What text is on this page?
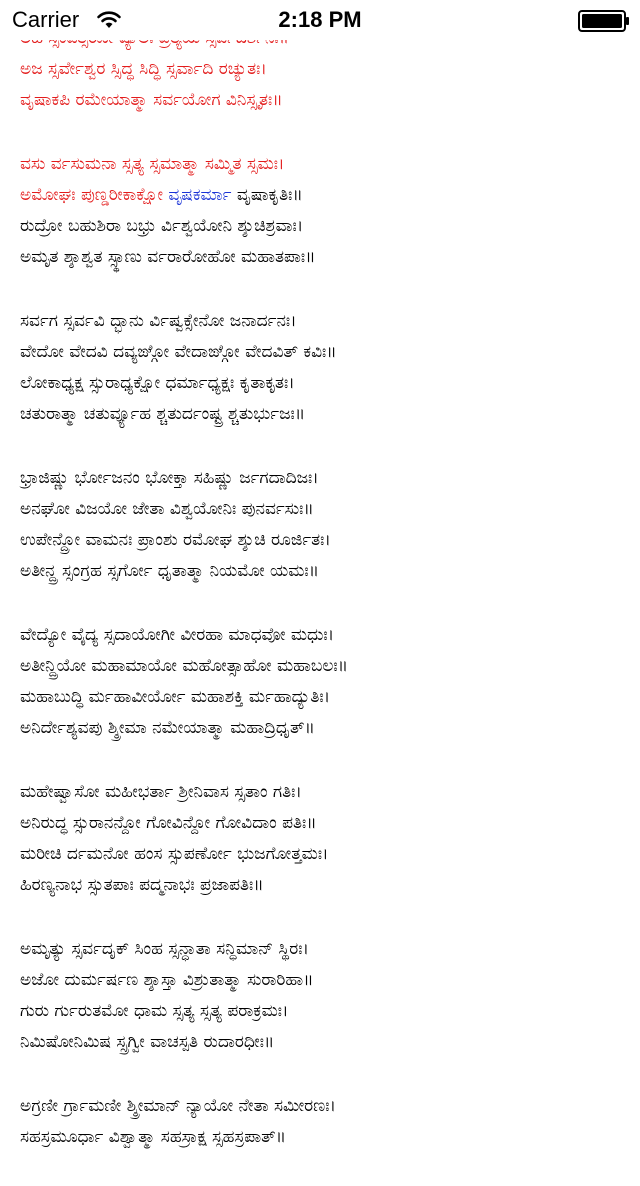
ಅಜ ಸ್ಸರ್ವೇಶ್ವರ ಸ್ಸಿದ್ಧ ಸಿದ್ಧಿ ಸ್ಸರ್ವಾದಿ ರಚ್ಯುತಃ।
ವೃಷಾಕಪಿ ರಮೇಯಾತ್ಮಾ ಸರ್ವಯೋಗ ವಿನಿಸ್ಸೃತಃ॥
ವಸು ರ್ವಸುಮನಾ ಸ್ಸತ್ಯ ಸ್ಸಮಾತ್ಮಾ ಸಮ್ಮಿತ ಸ್ಸಮಃ।
ಅಮೋಘಃ ಪುಣ್ಡರೀಕಾಕ್ಷೋ ವೃಷಕರ್ಮಾ ವೃಷಾಕೃತಿಃ॥
ರುದ್ರೋ ಬಹುಶಿರಾ ಬಭ್ರು ರ್ವಿಶ್ವಯೋನಿ ಶ್ಶುಚಿಶ್ರವಾಃ।
ಅಮೃತ ಶ್ಶಾಶ್ವತ ಸ್ಸ್ಥಾಣು ರ್ವರಾರೋಹೋ ಮಹಾತಪಾಃ॥
ಸರ್ವಗ ಸ್ಸರ್ವವಿ ದ್ಭಾನು ರ್ವಿಷ್ವಕ್ಸೇನೋ ಜನಾರ್ದನಃ।
ವೇದೋ ವೇದವಿ ದವ್ಯಙ್ಗೋ ವೇದಾಙ್ಗೋ ವೇದವಿತ್ ಕವಿಃ॥
ಲೋಕಾಧ್ಯಕ್ಷ ಸ್ಸುರಾಧ್ಯಕ್ಷೋ ಧರ್ಮಾಧ್ಯಕ್ಷಃ ಕೃತಾಕೃತಃ।
ಚತುರಾತ್ಮಾ ಚತುರ್ವ್ಯೂಹ ಶ್ಚತುರ್ದಂಷ್ಟ್ರ ಶ್ಚತುರ್ಭುಜಃ॥
ಭ್ರಾಜಿಷ್ಣು ರ್ಭೋಜನಂ ಭೋಕ್ತಾ ಸಹಿಷ್ಣು ರ್ಜಗದಾದಿಜಃ।
ಅನಘೋ ವಿಜಯೋ ಜೇತಾ ವಿಶ್ವಯೋನಿಃ ಪುನರ್ವಸುಃ॥
ಉಪೇನ್ದ್ರೋ ವಾಮನಃ ಪ್ರಾಂಶು ರಮೋಘ ಶ್ಶುಚಿ ರೂರ್ಜಿತಃ।
ಅತೀನ್ದ್ರ ಸ್ಸಂಗ್ರಹ ಸ್ಸರ್ಗೋ ಧೃತಾತ್ಮಾ ನಿಯಮೋ ಯಮಃ॥
ವೇದ್ಯೋ ವೈದ್ಯ ಸ್ಸದಾಯೋಗೀ ವೀರಹಾ ಮಾಧವೋ ಮಧುಃ।
ಅತೀನ್ದ್ರಿಯೋ ಮಹಾಮಾಯೋ ಮಹೋತ್ಸಾಹೋ ಮಹಾಬಲಃ॥
ಮಹಾಬುದ್ಧಿ ರ್ಮಹಾವೀರ್ಯೋ ಮಹಾಶಕ್ತಿ ರ್ಮಹಾದ್ಯುತಿಃ।
ಅನಿರ್ದೇಶ್ಯವಪು ಶ್ಶ್ರೀಮಾ ನಮೇಯಾತ್ಮಾ ಮಹಾದ್ರಿಧೃತ್॥
ಮಹೇಷ್ವಾಸೋ ಮಹೀಭರ್ತಾ ಶ್ರೀನಿವಾಸ ಸ್ಸತಾಂ ಗತಿಃ।
ಅನಿರುದ್ಧ ಸ್ಸುರಾನನ್ದೋ ಗೋವಿನ್ದೋ ಗೋವಿದಾಂ ಪತಿಃ॥
ಮರೀಚಿ ರ್ದಮನೋ ಹಂಸ ಸ್ಸುಪರ್ಣೋ ಭುಜಗೋತ್ತಮಃ।
ಹಿರಣ್ಯನಾಭ ಸ್ಸುತಪಾಃ ಪದ್ಮನಾಭಃ ಪ್ರಜಾಪತಿಃ॥
ಅಮೃತ್ಯು ಸ್ಸರ್ವದೃಕ್ ಸಿಂಹ ಸ್ಸನ್ಧಾತಾ ಸನ್ಧಿಮಾನ್ ಸ್ಥಿರಃ।
ಅಜೋ ದುರ್ಮರ್ಷಣ ಶ್ಶಾಸ್ತಾ ವಿಶ್ರುತಾತ್ಮಾ ಸುರಾರಿಹಾ॥
ಗುರು ರ್ಗುರುತಮೋ ಧಾಮ ಸ್ಸತ್ಯ ಸ್ಸತ್ಯ ಪರಾಕ್ರಮಃ।
ನಿಮಿಷೋನಿಮಿಷ ಸ್ಸ್ರಗ್ವೀ ವಾಚಸ್ಪತಿ ರುದಾರಧೀಃ॥
ಅಗ್ರಣೀ ರ್ಗ್ರಾಮಣೀ ಶ್ಶ್ರೀಮಾನ್ ನ್ಯಾಯೋ ನೇತಾ ಸಮೀರಣಃ।
ಸಹಸ್ರಮೂರ್ಧಾ ವಿಶ್ವಾತ್ಮಾ ಸಹಸ್ರಾಕ್ಷ ಸ್ಸಹಸ್ರಪಾತ್॥
Carrier	2:18 PM
